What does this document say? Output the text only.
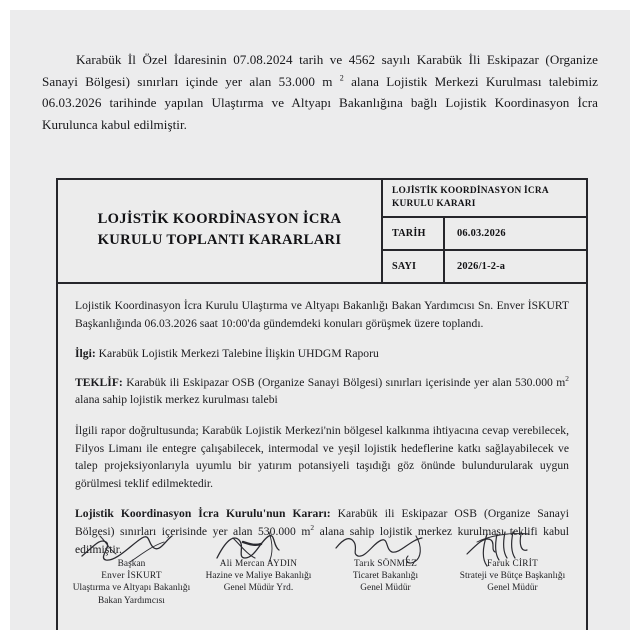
Karabük İl Özel İdaresinin 07.08.2024 tarih ve 4562 sayılı Karabük İli Eskipazar (Organize Sanayi Bölgesi) sınırları içinde yer alan 53.000 m $^2$ alana Lojistik Merkezi Kurulması talebimiz 06.03.2026 tarihinde yapılan Ulaştırma ve Altyapı Bakanlığına bağlı Lojistik Koordinasyon İcra Kurulunca kabul edilmiştir.

LOJİSTİK KOORDİNASYON İCRA
KURULU TOPLANTI KARARLARI
LOJİSTİK KOORDİNASYON İCRA
KURULU KARARI
TARİH	06.03.2026
SAYI	2026/1-2-a

Lojistik Koordinasyon İcra Kurulu Ulaştırma ve Altyapı Bakanlığı Bakan Yardımcısı Sn. Enver İSKURT Başkanlığında 06.03.2026 saat 10:00'da gündemdeki konuları görüşmek üzere toplandı.

İlgi: Karabük Lojistik Merkezi Talebine İlişkin UHDGM Raporu

TEKLİF: Karabük ili Eskipazar OSB (Organize Sanayi Bölgesi) sınırları içerisinde yer alan 530.000 $m^2$ alana sahip lojistik merkez kurulması talebi

İlgili rapor doğrultusunda; Karabük Lojistik Merkezi'nin bölgesel kalkınma ihtiyacına cevap verebilecek, Filyos Limanı ile entegre çalışabilecek, intermodal ve yeşil lojistik hedeflerine katkı sağlayabilecek ve talep projeksiyonlarıyla uyumlu bir yatırım potansiyeli taşıdığı göz önünde bulundurularak uygun görülmesi teklif edilmektedir.

Lojistik Koordinasyon İcra Kurulu'nun Kararı: Karabük ili Eskipazar OSB (Organize Sanayi Bölgesi) sınırları içerisinde yer alan 530.000 $m^2$ alana sahip lojistik merkez kurulması teklifi kabul edilmiştir.

Başkan
Enver İSKURT
Ulaştırma ve Altyapı Bakanlığı
Bakan Yardımcısı
Ali Mercan AYDIN
Hazine ve Maliye Bakanlığı
Genel Müdür Yrd.
Tarık SÖNMEZ
Ticaret Bakanlığı
Genel Müdür
Faruk CİRİT
Strateji ve Bütçe Başkanlığı
Genel Müdür
